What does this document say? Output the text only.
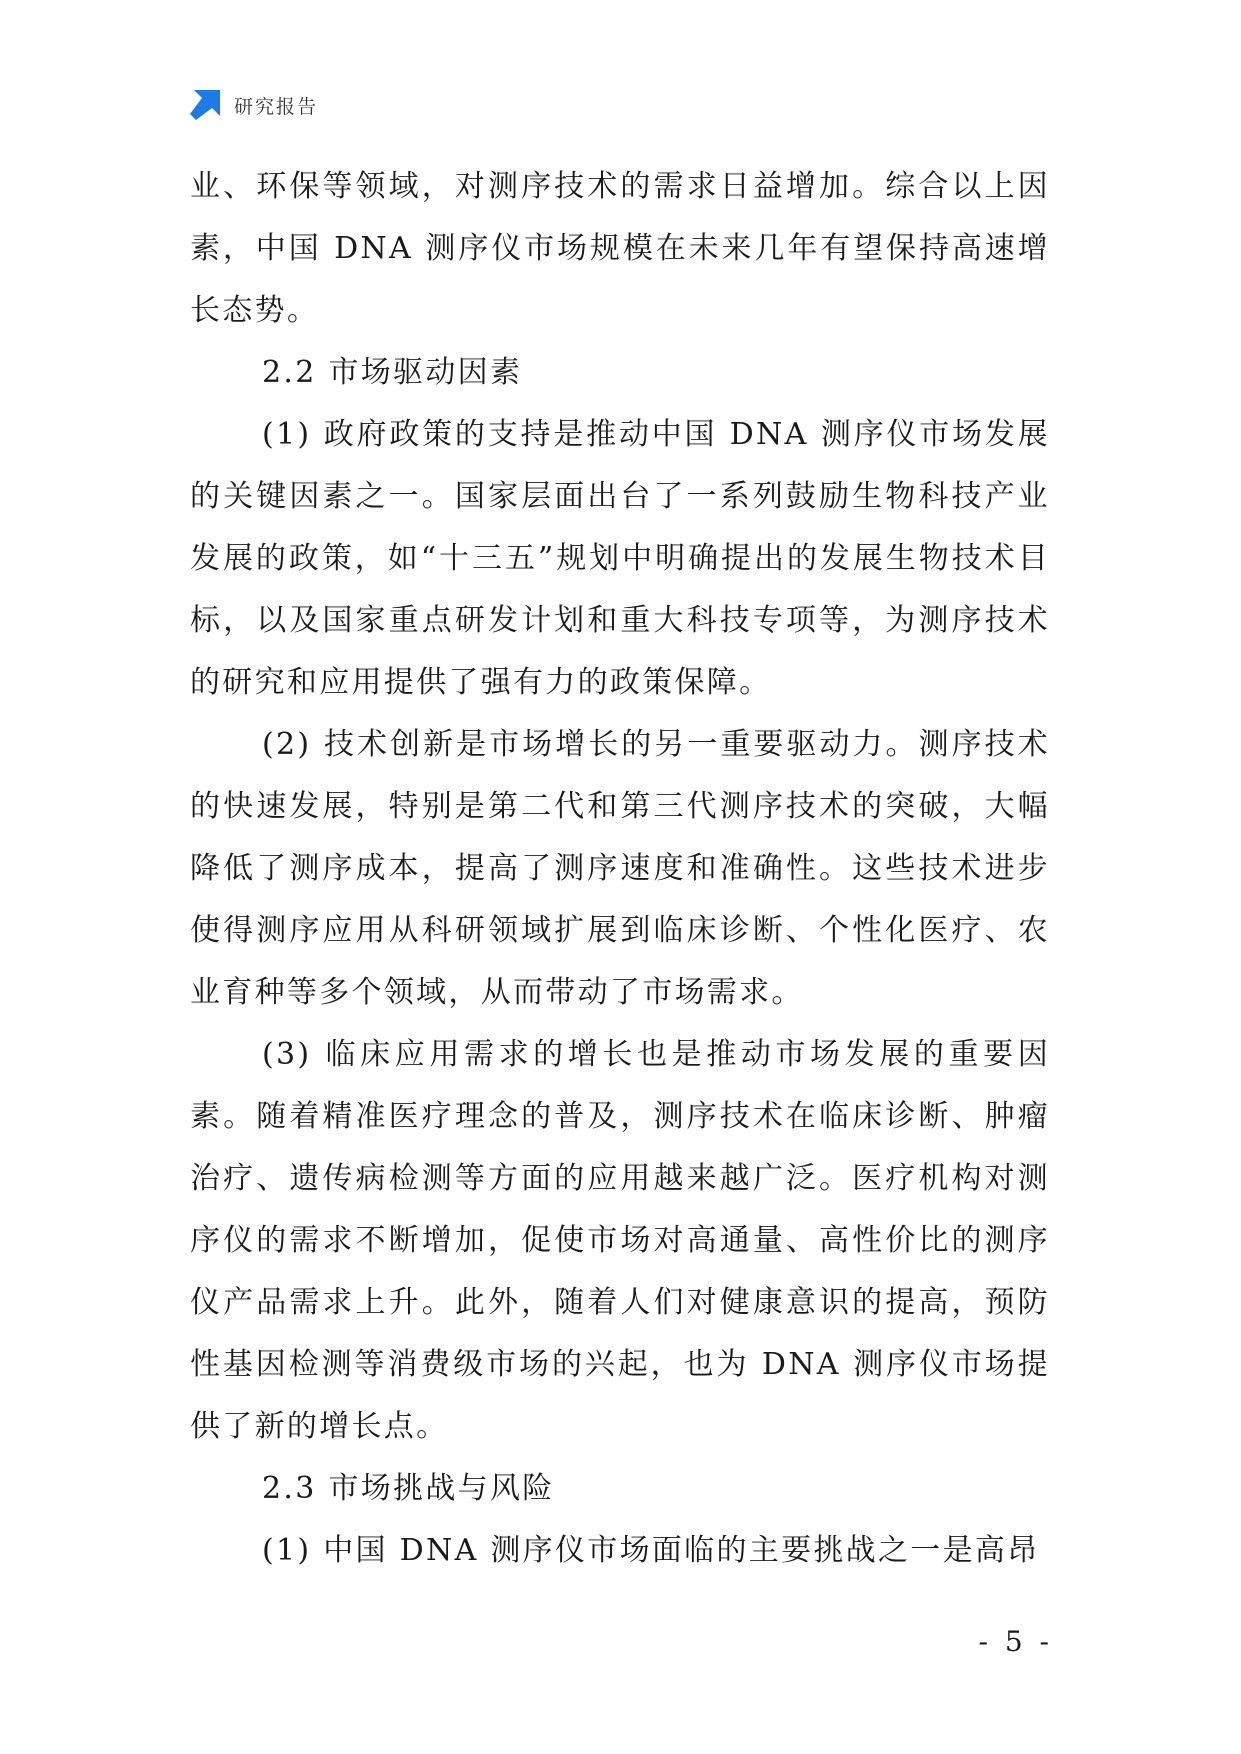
研究报告

业、环保等领域，对测序技术的需求日益增加。综合以上因素，中国 DNA 测序仪市场规模在未来几年有望保持高速增长态势。

2.2 市场驱动因素

(1) 政府政策的支持是推动中国 DNA 测序仪市场发展的关键因素之一。国家层面出台了一系列鼓励生物科技产业发展的政策，如“十三五”规划中明确提出的发展生物技术目标，以及国家重点研发计划和重大科技专项等，为测序技术的研究和应用提供了强有力的政策保障。

(2) 技术创新是市场增长的另一重要驱动力。测序技术的快速发展，特别是第二代和第三代测序技术的突破，大幅降低了测序成本，提高了测序速度和准确性。这些技术进步使得测序应用从科研领域扩展到临床诊断、个性化医疗、农业育种等多个领域，从而带动了市场需求。

(3) 临床应用需求的增长也是推动市场发展的重要因素。随着精准医疗理念的普及，测序技术在临床诊断、肿瘤治疗、遗传病检测等方面的应用越来越广泛。医疗机构对测序仪的需求不断增加，促使市场对高通量、高性价比的测序仪产品需求上升。此外，随着人们对健康意识的提高，预防性基因检测等消费级市场的兴起，也为 DNA 测序仪市场提供了新的增长点。

2.3 市场挑战与风险

(1) 中国 DNA 测序仪市场面临的主要挑战之一是高昂

- 5 -
